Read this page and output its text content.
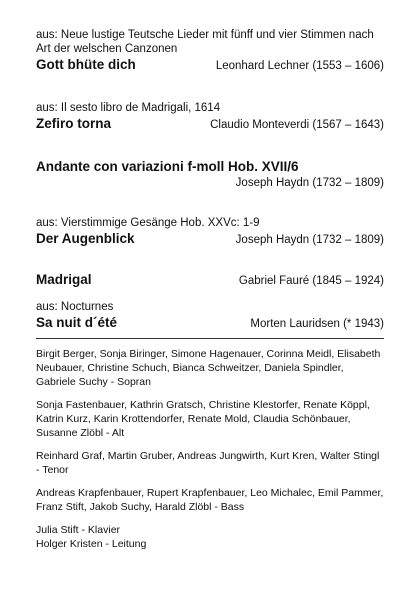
aus: Neue lustige Teutsche Lieder mit fünff und vier Stimmen nach Art der welschen Canzonen
Gott bhüte dich	Leonhard Lechner (1553 – 1606)
aus: Il sesto libro de Madrigali, 1614
Zefiro torna	Claudio Monteverdi (1567 – 1643)
Andante con variazioni f-moll Hob. XVII/6
Joseph Haydn (1732 – 1809)
aus: Vierstimmige Gesänge Hob. XXVc: 1-9
Der Augenblick	Joseph Haydn (1732 – 1809)
Madrigal	Gabriel Fauré (1845 – 1924)
aus: Nocturnes
Sa nuit d´été	Morten Lauridsen (* 1943)
Birgit Berger, Sonja Biringer, Simone Hagenauer, Corinna Meidl, Elisabeth Neubauer, Christine Schuch, Bianca Schweitzer, Daniela Spindler, Gabriele Suchy - Sopran
Sonja Fastenbauer, Kathrin Gratsch, Christine Klestorfer, Renate Köppl, Katrin Kurz, Karin Krottendorfer, Renate Mold, Claudia Schönbauer, Susanne Zlöbl - Alt
Reinhard Graf, Martin Gruber, Andreas Jungwirth, Kurt Kren, Walter Stingl - Tenor
Andreas Krapfenbauer, Rupert Krapfenbauer, Leo Michalec, Emil Pammer, Franz Stift, Jakob Suchy, Harald Zlöbl - Bass
Julia Stift - Klavier
Holger Kristen - Leitung
